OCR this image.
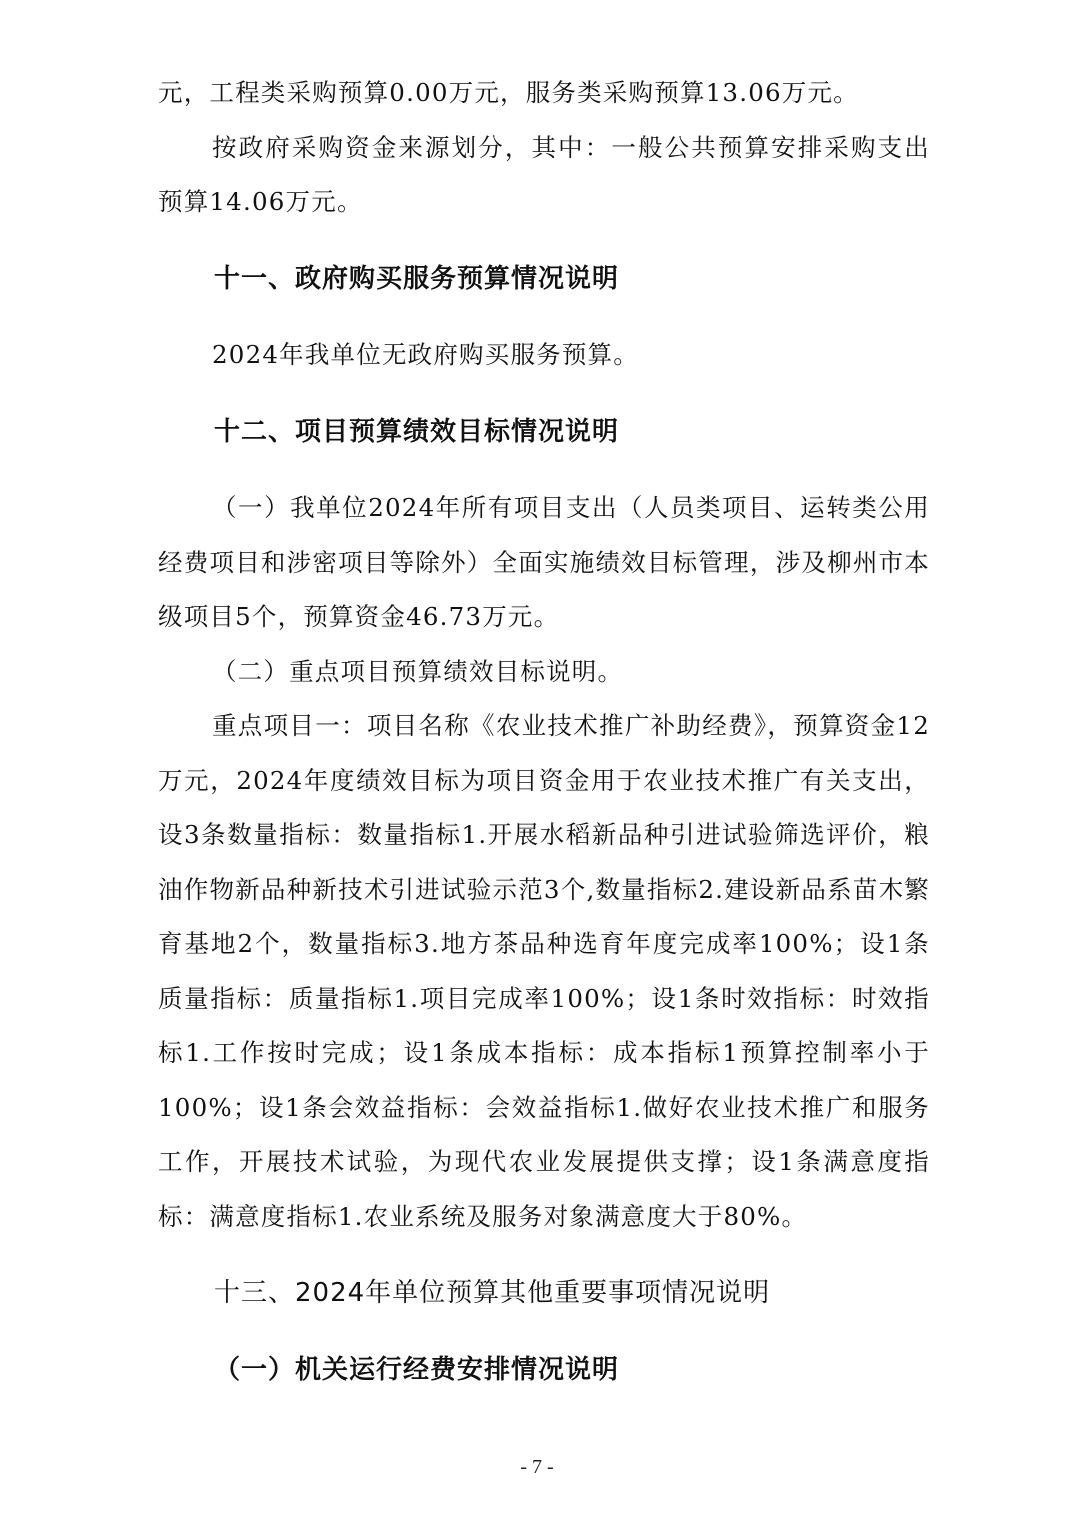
元，工程类采购预算0.00万元，服务类采购预算13.06万元。

按政府采购资金来源划分，其中：一般公共预算安排采购支出预算14.06万元。

十一、政府购买服务预算情况说明

2024年我单位无政府购买服务预算。

十二、项目预算绩效目标情况说明

（一）我单位2024年所有项目支出（人员类项目、运转类公用经费项目和涉密项目等除外）全面实施绩效目标管理，涉及柳州市本级项目5个，预算资金46.73万元。

（二）重点项目预算绩效目标说明。

重点项目一：项目名称《农业技术推广补助经费》，预算资金12万元，2024年度绩效目标为项目资金用于农业技术推广有关支出，设3条数量指标：数量指标1.开展水稻新品种引进试验筛选评价，粮油作物新品种新技术引进试验示范3个,数量指标2.建设新品系苗木繁育基地2个，数量指标3.地方茶品种选育年度完成率100%；设1条质量指标：质量指标1.项目完成率100%；设1条时效指标：时效指标1.工作按时完成；设1条成本指标：成本指标1预算控制率小于100%；设1条会效益指标：会效益指标1.做好农业技术推广和服务工作，开展技术试验，为现代农业发展提供支撑；设1条满意度指标：满意度指标1.农业系统及服务对象满意度大于80%。

十三、2024年单位预算其他重要事项情况说明
（一）机关运行经费安排情况说明
- 7 -
